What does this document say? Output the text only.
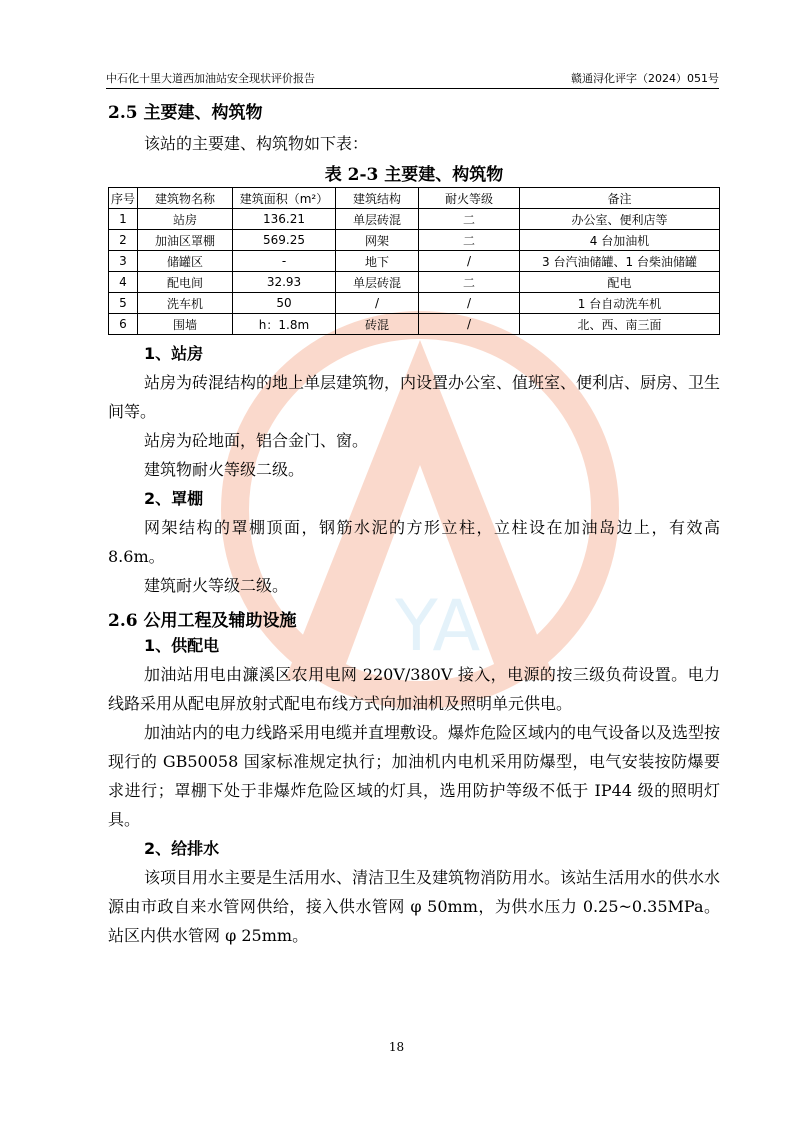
中石化十里大道西加油站安全现状评价报告	赣通浔化评字（2024）051号
YA
2.5 主要建、构筑物

该站的主要建、构筑物如下表：

表 2-3 主要建、构筑物
序号	建筑物名称	建筑面积（m²）	建筑结构	耐火等级	备注
1	站房	136.21	单层砖混	二	办公室、便利店等
2	加油区罩棚	569.25	网架	二	4 台加油机
3	储罐区	-	地下	/	3 台汽油储罐、1 台柴油储罐
4	配电间	32.93	单层砖混	二	配电
5	洗车机	50	/	/	1 台自动洗车机
6	围墙	h：1.8m	砖混	/	北、西、南三面
1、站房

站房为砖混结构的地上单层建筑物，内设置办公室、值班室、便利店、厨房、卫生间等。

站房为砼地面，铝合金门、窗。

建筑物耐火等级二级。

2、罩棚

网架结构的罩棚顶面，钢筋水泥的方形立柱，立柱设在加油岛边上，有效高 8.6m。

建筑耐火等级二级。

2.6 公用工程及辅助设施
1、供配电

加油站用电由濂溪区农用电网 220V/380V 接入，电源的按三级负荷设置。电力线路采用从配电屏放射式配电布线方式向加油机及照明单元供电。

加油站内的电力线路采用电缆并直埋敷设。爆炸危险区域内的电气设备以及选型按现行的 GB50058 国家标准规定执行；加油机内电机采用防爆型，电气安装按防爆要求进行；罩棚下处于非爆炸危险区域的灯具，选用防护等级不低于 IP44 级的照明灯具。

2、给排水

该项目用水主要是生活用水、清洁卫生及建筑物消防用水。该站生活用水的供水水源由市政自来水管网供给，接入供水管网 φ 50mm，为供水压力 0.25~0.35MPa。站区内供水管网 φ 25mm。

18
